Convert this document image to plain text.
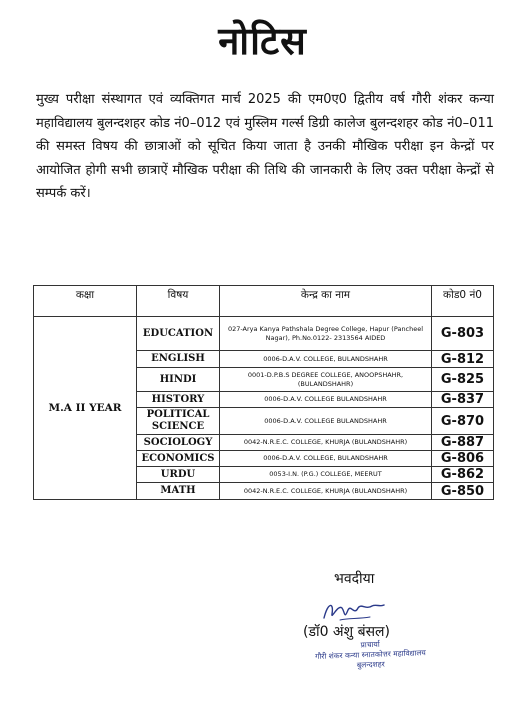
नोटिस
मुख्य परीक्षा संस्थागत एवं व्यक्तिगत मार्च 2025 की एम0ए0 द्वितीय वर्ष गौरी शंकर कन्या महाविद्यालय बुलन्दशहर कोड नं0–012 एवं मुस्लिम गर्ल्स डिग्री कालेज बुलन्दशहर कोड नं0–011 की समस्त विषय की छात्राओं को सूचित किया जाता है उनकी मौखिक परीक्षा इन केन्द्रों पर आयोजित होगी सभी छात्राऐं मौखिक परीक्षा की तिथि की जानकारी के लिए उक्त परीक्षा केन्द्रों से सम्पर्क करें।
कक्षा	विषय	केन्द्र का नाम	कोड0 नं0
M.A II YEAR	EDUCATION	027-Arya Kanya Pathshala Degree College, Hapur (Pancheel Nagar), Ph.No.0122- 2313564 AIDED	G-803
	ENGLISH	0006-D.A.V. COLLEGE, BULANDSHAHR	G-812
	HINDI	0001-D.P.B.S DEGREE COLLEGE, ANOOPSHAHR, (BULANDSHAHR)	G-825
	HISTORY	0006-D.A.V. COLLEGE BULANDSHAHR	G-837
	POLITICAL SCIENCE	0006-D.A.V. COLLEGE BULANDSHAHR	G-870
	SOCIOLOGY	0042-N.R.E.C. COLLEGE, KHURJA (BULANDSHAHR)	G-887
	ECONOMICS	0006-D.A.V. COLLEGE, BULANDSHAHR	G-806
	URDU	0053-I.N. (P.G.) COLLEGE, MEERUT	G-862
	MATH	0042-N.R.E.C. COLLEGE, KHURJA (BULANDSHAHR)	G-850
भवदीया
(डॉ0 अंशु बंसल)
प्राचार्या
गौरी शंकर कन्या स्नातकोत्तर महाविद्यालय
बुलन्दशहर
